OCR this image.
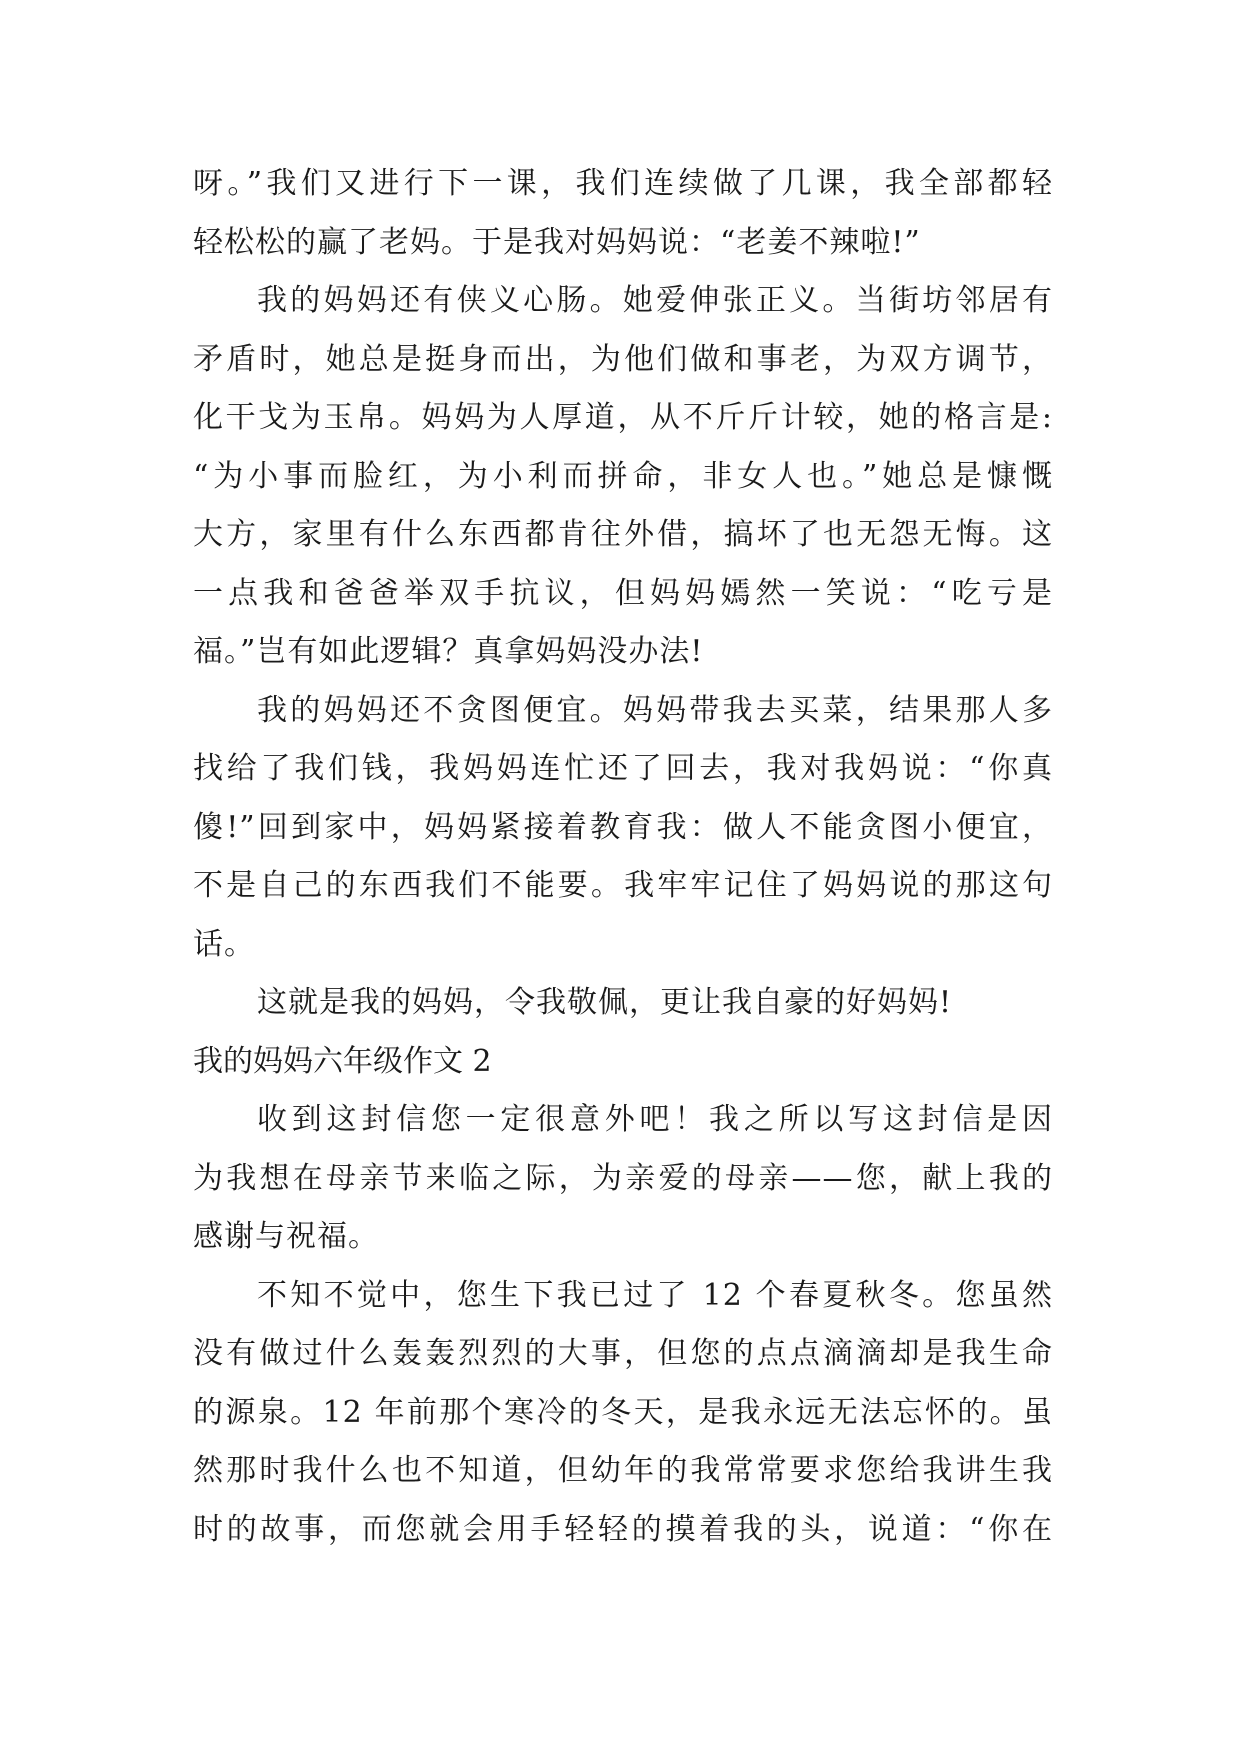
呀。”我们又进行下一课，我们连续做了几课，我全部都轻
轻松松的赢了老妈。于是我对妈妈说：“老姜不辣啦!”
我的妈妈还有侠义心肠。她爱伸张正义。当街坊邻居有
矛盾时，她总是挺身而出，为他们做和事老，为双方调节，
化干戈为玉帛。妈妈为人厚道，从不斤斤计较，她的格言是:
“为小事而脸红，为小利而拼命，非女人也。”她总是慷慨
大方，家里有什么东西都肯往外借，搞坏了也无怨无悔。这
一点我和爸爸举双手抗议，但妈妈嫣然一笑说：“吃亏是
福。”岂有如此逻辑？真拿妈妈没办法!
我的妈妈还不贪图便宜。妈妈带我去买菜，结果那人多
找给了我们钱，我妈妈连忙还了回去，我对我妈说：“你真
傻!”回到家中，妈妈紧接着教育我：做人不能贪图小便宜，
不是自己的东西我们不能要。我牢牢记住了妈妈说的那这句
话。
这就是我的妈妈，令我敬佩，更让我自豪的好妈妈!
我的妈妈六年级作文 2
收到这封信您一定很意外吧！我之所以写这封信是因
为我想在母亲节来临之际，为亲爱的母亲——您，献上我的
感谢与祝福。
不知不觉中，您生下我已过了 12 个春夏秋冬。您虽然
没有做过什么轰轰烈烈的大事，但您的点点滴滴却是我生命
的源泉。12 年前那个寒冷的冬天，是我永远无法忘怀的。虽
然那时我什么也不知道，但幼年的我常常要求您给我讲生我
时的故事，而您就会用手轻轻的摸着我的头，说道：“你在
